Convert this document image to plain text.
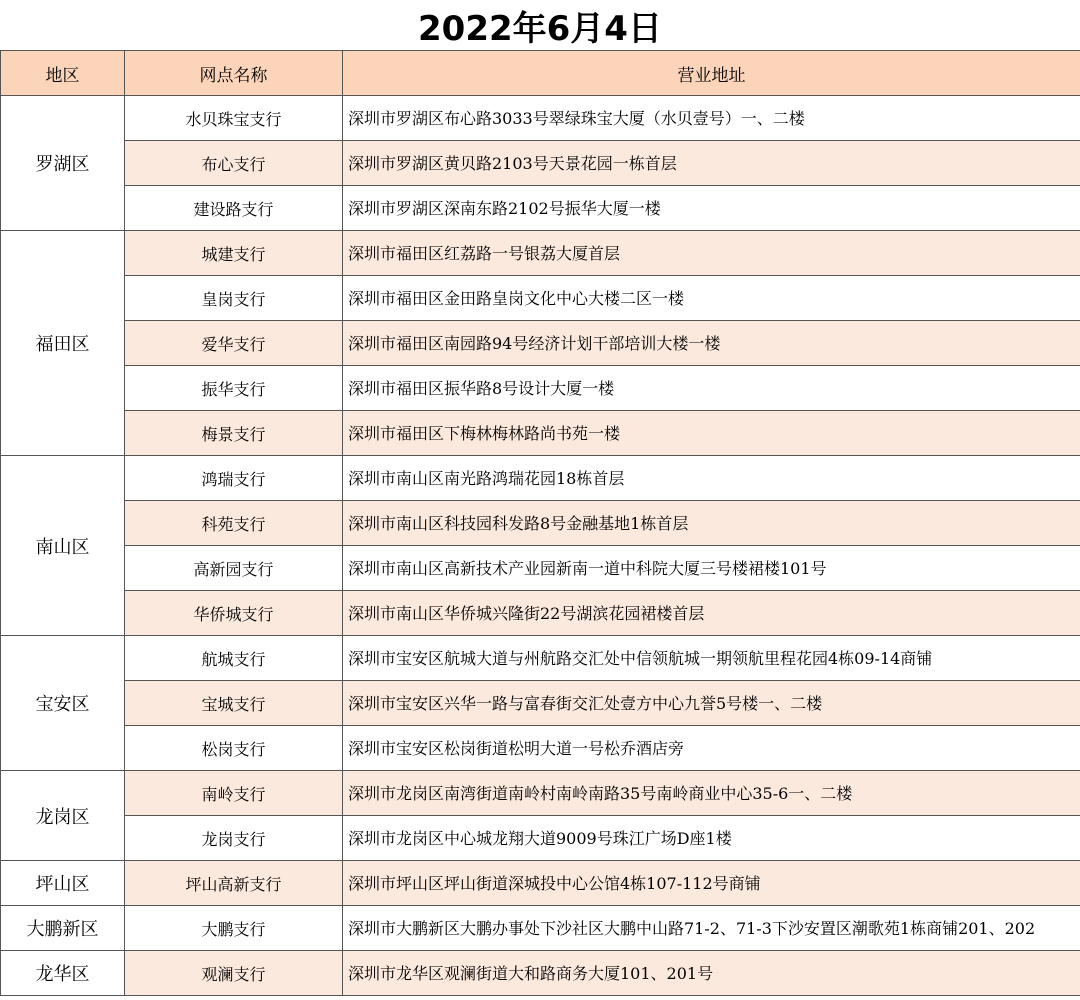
2022年6月4日
地区	网点名称	营业地址
罗湖区	水贝珠宝支行	深圳市罗湖区布心路3033号翠绿珠宝大厦（水贝壹号）一、二楼
	布心支行	深圳市罗湖区黄贝路2103号天景花园一栋首层
	建设路支行	深圳市罗湖区深南东路2102号振华大厦一楼
福田区	城建支行	深圳市福田区红荔路一号银荔大厦首层
	皇岗支行	深圳市福田区金田路皇岗文化中心大楼二区一楼
	爱华支行	深圳市福田区南园路94号经济计划干部培训大楼一楼
	振华支行	深圳市福田区振华路8号设计大厦一楼
	梅景支行	深圳市福田区下梅林梅林路尚书苑一楼
南山区	鸿瑞支行	深圳市南山区南光路鸿瑞花园18栋首层
	科苑支行	深圳市南山区科技园科发路8号金融基地1栋首层
	高新园支行	深圳市南山区高新技术产业园新南一道中科院大厦三号楼裙楼101号
	华侨城支行	深圳市南山区华侨城兴隆街22号湖滨花园裙楼首层
宝安区	航城支行	深圳市宝安区航城大道与州航路交汇处中信领航城一期领航里程花园4栋09-14商铺
	宝城支行	深圳市宝安区兴华一路与富春街交汇处壹方中心九誉5号楼一、二楼
	松岗支行	深圳市宝安区松岗街道松明大道一号松乔酒店旁
龙岗区	南岭支行	深圳市龙岗区南湾街道南岭村南岭南路35号南岭商业中心35-6一、二楼
	龙岗支行	深圳市龙岗区中心城龙翔大道9009号珠江广场D座1楼
坪山区	坪山高新支行	深圳市坪山区坪山街道深城投中心公馆4栋107-112号商铺
大鹏新区	大鹏支行	深圳市大鹏新区大鹏办事处下沙社区大鹏中山路71-2、71-3下沙安置区潮歌苑1栋商铺201、202
龙华区	观澜支行	深圳市龙华区观澜街道大和路商务大厦101、201号
